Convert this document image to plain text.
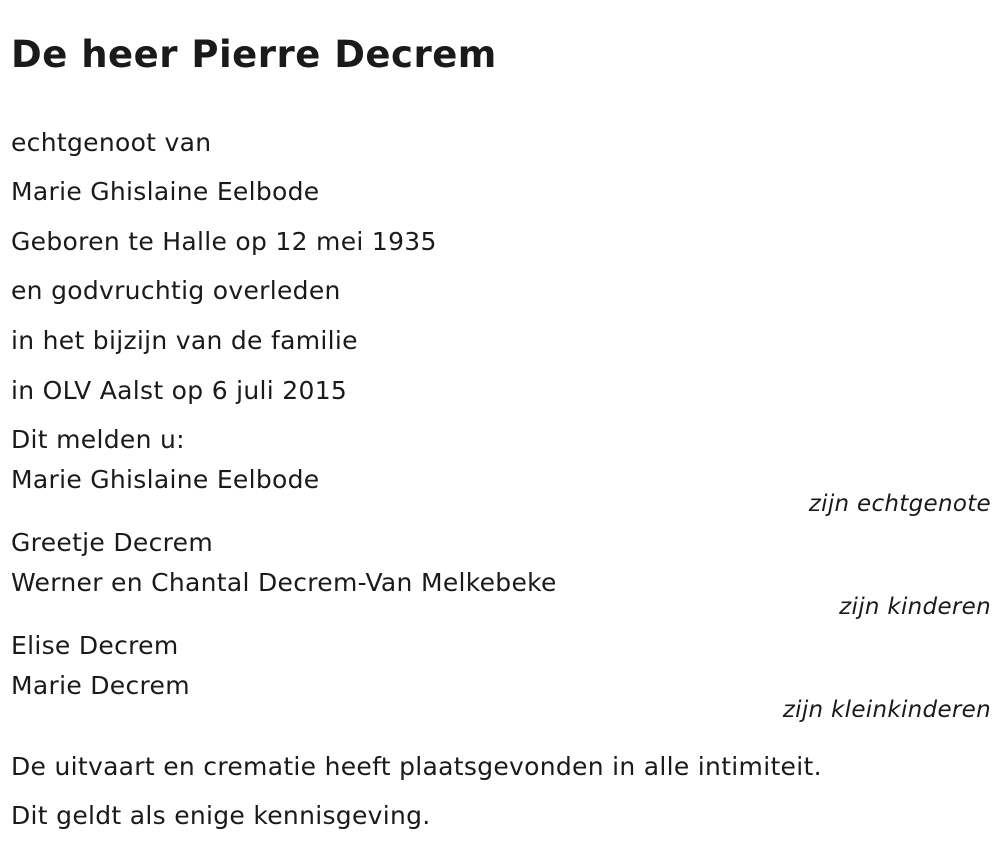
De heer Pierre Decrem
echtgenoot van
Marie Ghislaine Eelbode
Geboren te Halle op 12 mei 1935
en godvruchtig overleden
in het bijzijn van de familie
in OLV Aalst op 6 juli 2015
Dit melden u:
Marie Ghislaine Eelbode
zijn echtgenote
Greetje Decrem
Werner en Chantal Decrem-Van Melkebeke
zijn kinderen
Elise Decrem
Marie Decrem
zijn kleinkinderen
De uitvaart en crematie heeft plaatsgevonden in alle intimiteit.
Dit geldt als enige kennisgeving.
